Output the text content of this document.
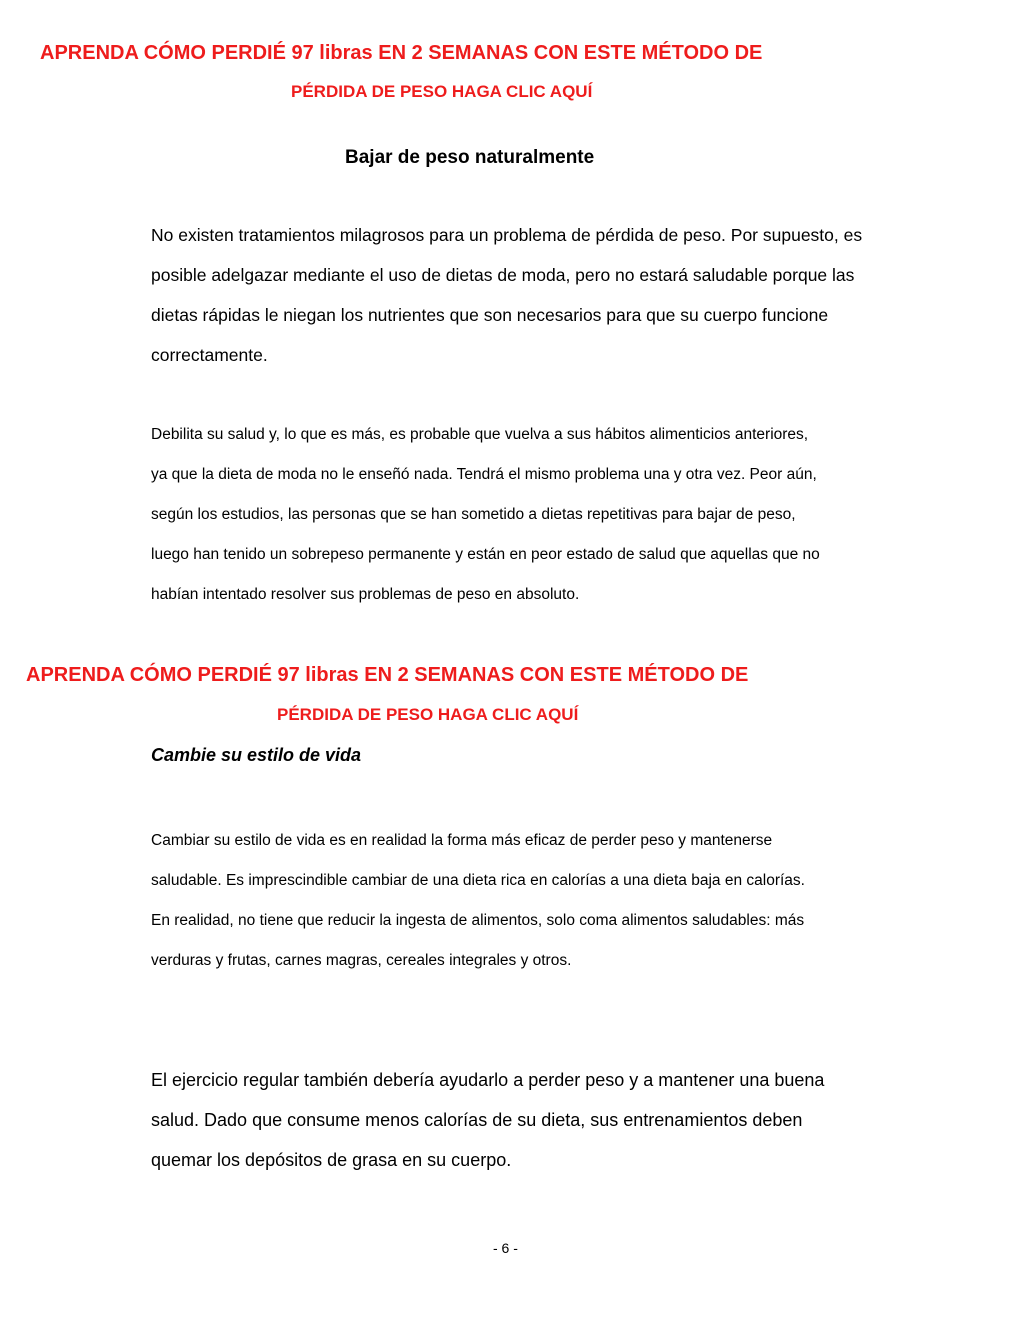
APRENDA CÓMO PERDIÉ 97 libras EN 2 SEMANAS CON ESTE MÉTODO DE
PÉRDIDA DE PESO HAGA CLIC AQUÍ
Bajar de peso naturalmente
No existen tratamientos milagrosos para un problema de pérdida de peso. Por supuesto, es
posible adelgazar mediante el uso de dietas de moda, pero no estará saludable porque las
dietas rápidas le niegan los nutrientes que son necesarios para que su cuerpo funcione
correctamente.
Debilita su salud y, lo que es más, es probable que vuelva a sus hábitos alimenticios anteriores,
ya que la dieta de moda no le enseñó nada. Tendrá el mismo problema una y otra vez. Peor aún,
según los estudios, las personas que se han sometido a dietas repetitivas para bajar de peso,
luego han tenido un sobrepeso permanente y están en peor estado de salud que aquellas que no
habían intentado resolver sus problemas de peso en absoluto.
APRENDA CÓMO PERDIÉ 97 libras EN 2 SEMANAS CON ESTE MÉTODO DE
PÉRDIDA DE PESO HAGA CLIC AQUÍ
Cambie su estilo de vida
Cambiar su estilo de vida es en realidad la forma más eficaz de perder peso y mantenerse
saludable. Es imprescindible cambiar de una dieta rica en calorías a una dieta baja en calorías.
En realidad, no tiene que reducir la ingesta de alimentos, solo coma alimentos saludables: más
verduras y frutas, carnes magras, cereales integrales y otros.
El ejercicio regular también debería ayudarlo a perder peso y a mantener una buena
salud. Dado que consume menos calorías de su dieta, sus entrenamientos deben
quemar los depósitos de grasa en su cuerpo.
- 6 -
